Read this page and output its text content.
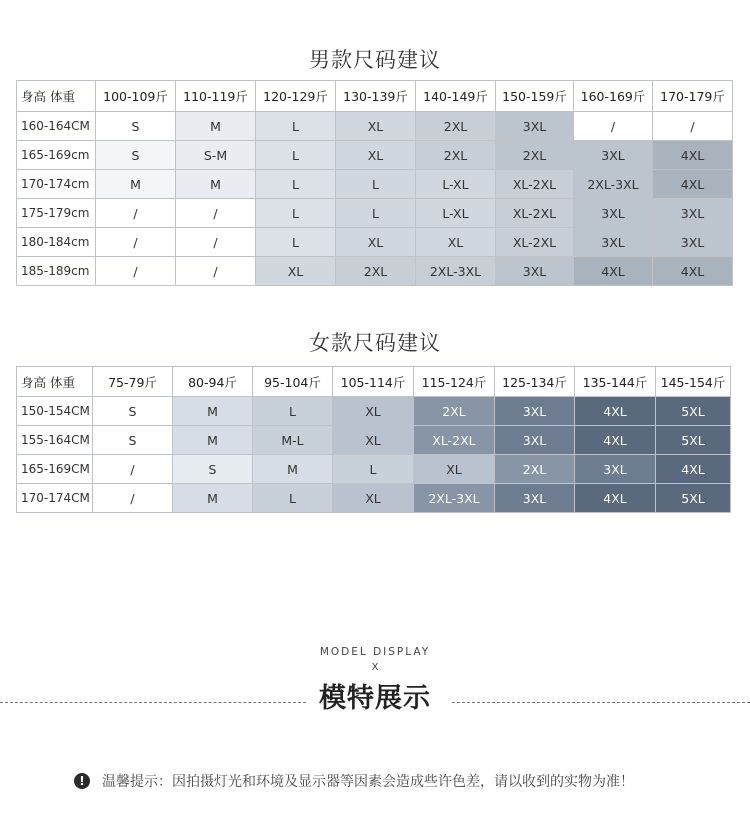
男款尺码建议
身高 体重	100-109斤	110-119斤	120-129斤	130-139斤	140-149斤	150-159斤	160-169斤	170-179斤
160-164CM	S	M	L	XL	2XL	3XL	/	/
165-169cm	S	S-M	L	XL	2XL	2XL	3XL	4XL
170-174cm	M	M	L	L	L-XL	XL-2XL	2XL-3XL	4XL
175-179cm	/	/	L	L	L-XL	XL-2XL	3XL	3XL
180-184cm	/	/	L	XL	XL	XL-2XL	3XL	3XL
185-189cm	/	/	XL	2XL	2XL-3XL	3XL	4XL	4XL
女款尺码建议
身高 体重	75-79斤	80-94斤	95-104斤	105-114斤	115-124斤	125-134斤	135-144斤	145-154斤
150-154CM	S	M	L	XL	2XL	3XL	4XL	5XL
155-164CM	S	M	M-L	XL	XL-2XL	3XL	4XL	5XL
165-169CM	/	S	M	L	XL	2XL	3XL	4XL
170-174CM	/	M	L	XL	2XL-3XL	3XL	4XL	5XL
MODEL DISPLAY
X
模特展示
!	温馨提示：因拍摄灯光和环境及显示器等因素会造成些许色差，请以收到的实物为准！
